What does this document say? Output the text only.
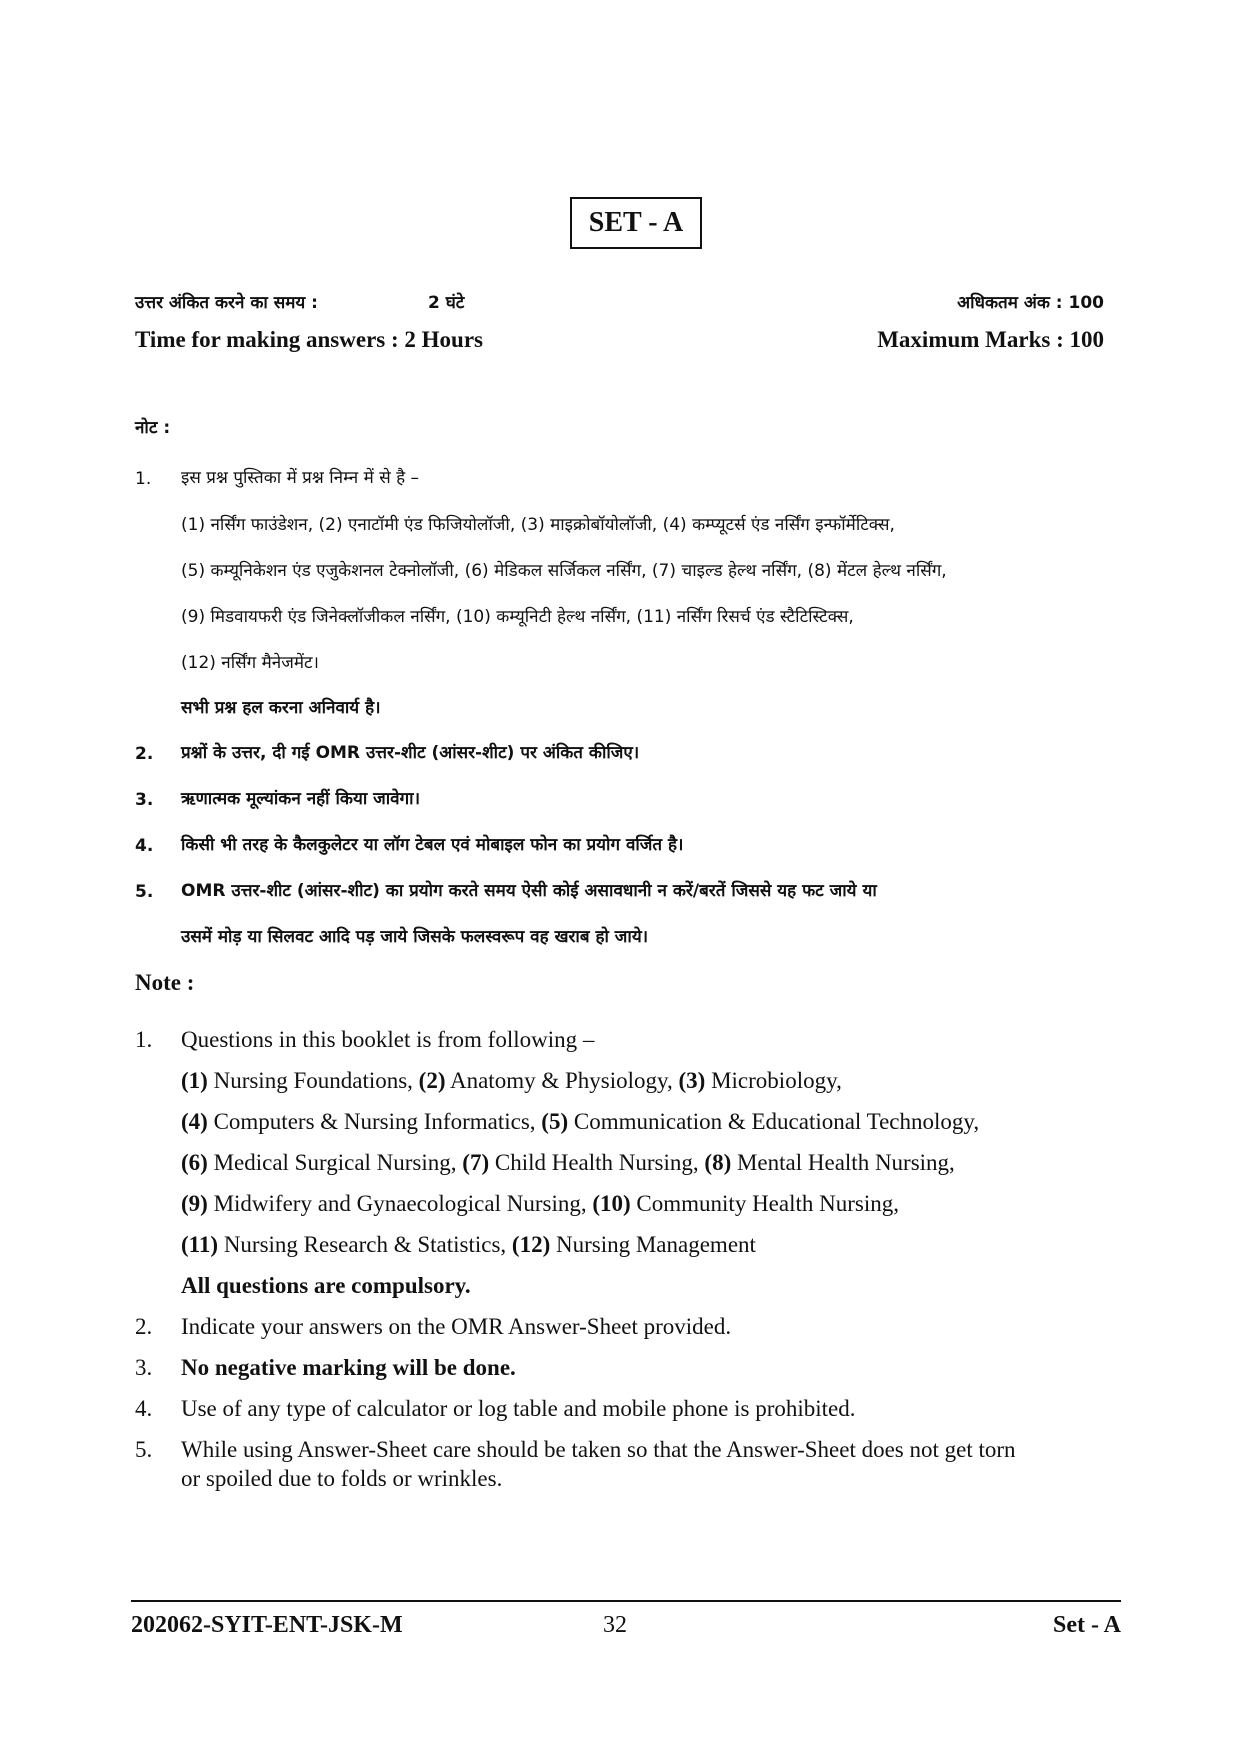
SET - A
उत्तर अंकित करने का समय :	2 घंटे	अधिकतम अंक : 100
Time for making answers : 2 Hours	Maximum Marks : 100
नोट :
1. इस प्रश्न पुस्तिका में प्रश्न निम्न में से है –
(1) नर्सिंग फाउंडेशन, (2) एनाटॉमी एंड फिजियोलॉजी, (3) माइक्रोबॉयोलॉजी, (4) कम्प्यूटर्स एंड नर्सिंग इन्फॉर्मेटिक्स,
(5) कम्यूनिकेशन एंड एजुकेशनल टेक्नोलॉजी, (6) मेडिकल सर्जिकल नर्सिंग, (7) चाइल्ड हेल्थ नर्सिंग, (8) मेंटल हेल्थ नर्सिंग,
(9) मिडवायफरी एंड जिनेक्लॉजीकल नर्सिंग, (10) कम्यूनिटी हेल्थ नर्सिंग, (11) नर्सिंग रिसर्च एंड स्टैटिस्टिक्स,
(12) नर्सिंग मैनेजमेंट।
सभी प्रश्न हल करना अनिवार्य है।
2. प्रश्नों के उत्तर, दी गई OMR उत्तर-शीट (आंसर-शीट) पर अंकित कीजिए।
3. ऋणात्मक मूल्यांकन नहीं किया जावेगा।
4. किसी भी तरह के कैलकुलेटर या लॉग टेबल एवं मोबाइल फोन का प्रयोग वर्जित है।
5. OMR उत्तर-शीट (आंसर-शीट) का प्रयोग करते समय ऐसी कोई असावधानी न करें/बरतें जिससे यह फट जाये या
उसमें मोड़ या सिलवट आदि पड़ जाये जिसके फलस्वरूप वह खराब हो जाये।
Note :
1. Questions in this booklet is from following –
(1) Nursing Foundations, (2) Anatomy & Physiology, (3) Microbiology,
(4) Computers & Nursing Informatics, (5) Communication & Educational Technology,
(6) Medical Surgical Nursing, (7) Child Health Nursing, (8) Mental Health Nursing,
(9) Midwifery and Gynaecological Nursing, (10) Community Health Nursing,
(11) Nursing Research & Statistics, (12) Nursing Management
All questions are compulsory.
2. Indicate your answers on the OMR Answer-Sheet provided.
3. No negative marking will be done.
4. Use of any type of calculator or log table and mobile phone is prohibited.
5. While using Answer-Sheet care should be taken so that the Answer-Sheet does not get torn
or spoiled due to folds or wrinkles.
202062-SYIT-ENT-JSK-M	32	Set - A
